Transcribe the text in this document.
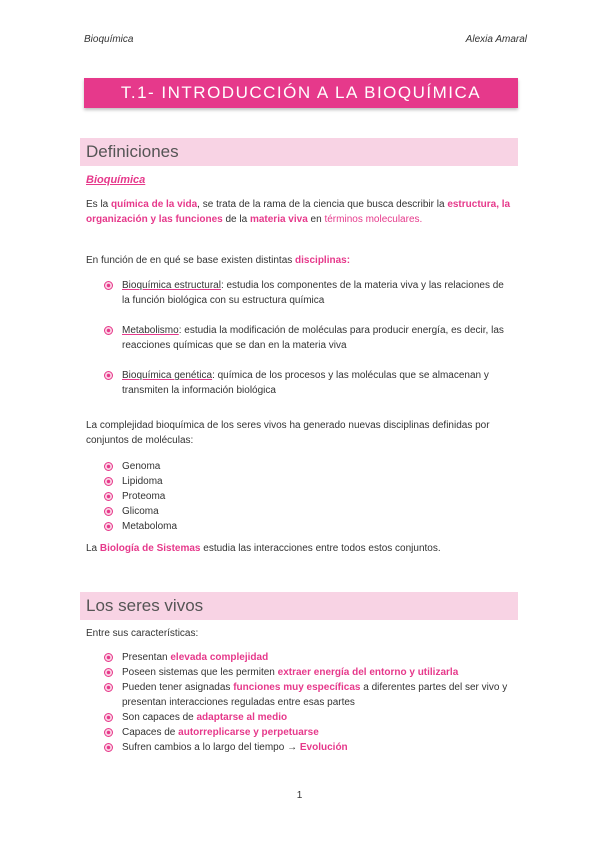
Bioquímica	Alexia Amaral
T.1- INTRODUCCIÓN A LA BIOQUÍMICA
Definiciones
Bioquímica
Es la química de la vida, se trata de la rama de la ciencia que busca describir la estructura, la organización y las funciones de la materia viva en términos moleculares.
En función de en qué se base existen distintas disciplinas:
Bioquímica estructural: estudia los componentes de la materia viva y las relaciones de la función biológica con su estructura química
Metabolismo: estudia la modificación de moléculas para producir energía, es decir, las reacciones químicas que se dan en la materia viva
Bioquímica genética: química de los procesos y las moléculas que se almacenan y transmiten la información biológica
La complejidad bioquímica de los seres vivos ha generado nuevas disciplinas definidas por conjuntos de moléculas:
Genoma
Lipidoma
Proteoma
Glicoma
Metaboloma
La Biología de Sistemas estudia las interacciones entre todos estos conjuntos.
Los seres vivos
Entre sus características:
Presentan elevada complejidad
Poseen sistemas que les permiten extraer energía del entorno y utilizarla
Pueden tener asignadas funciones muy específicas a diferentes partes del ser vivo y presentan interacciones reguladas entre esas partes
Son capaces de adaptarse al medio
Capaces de autorreplicarse y perpetuarse
Sufren cambios a lo largo del tiempo → Evolución
1
